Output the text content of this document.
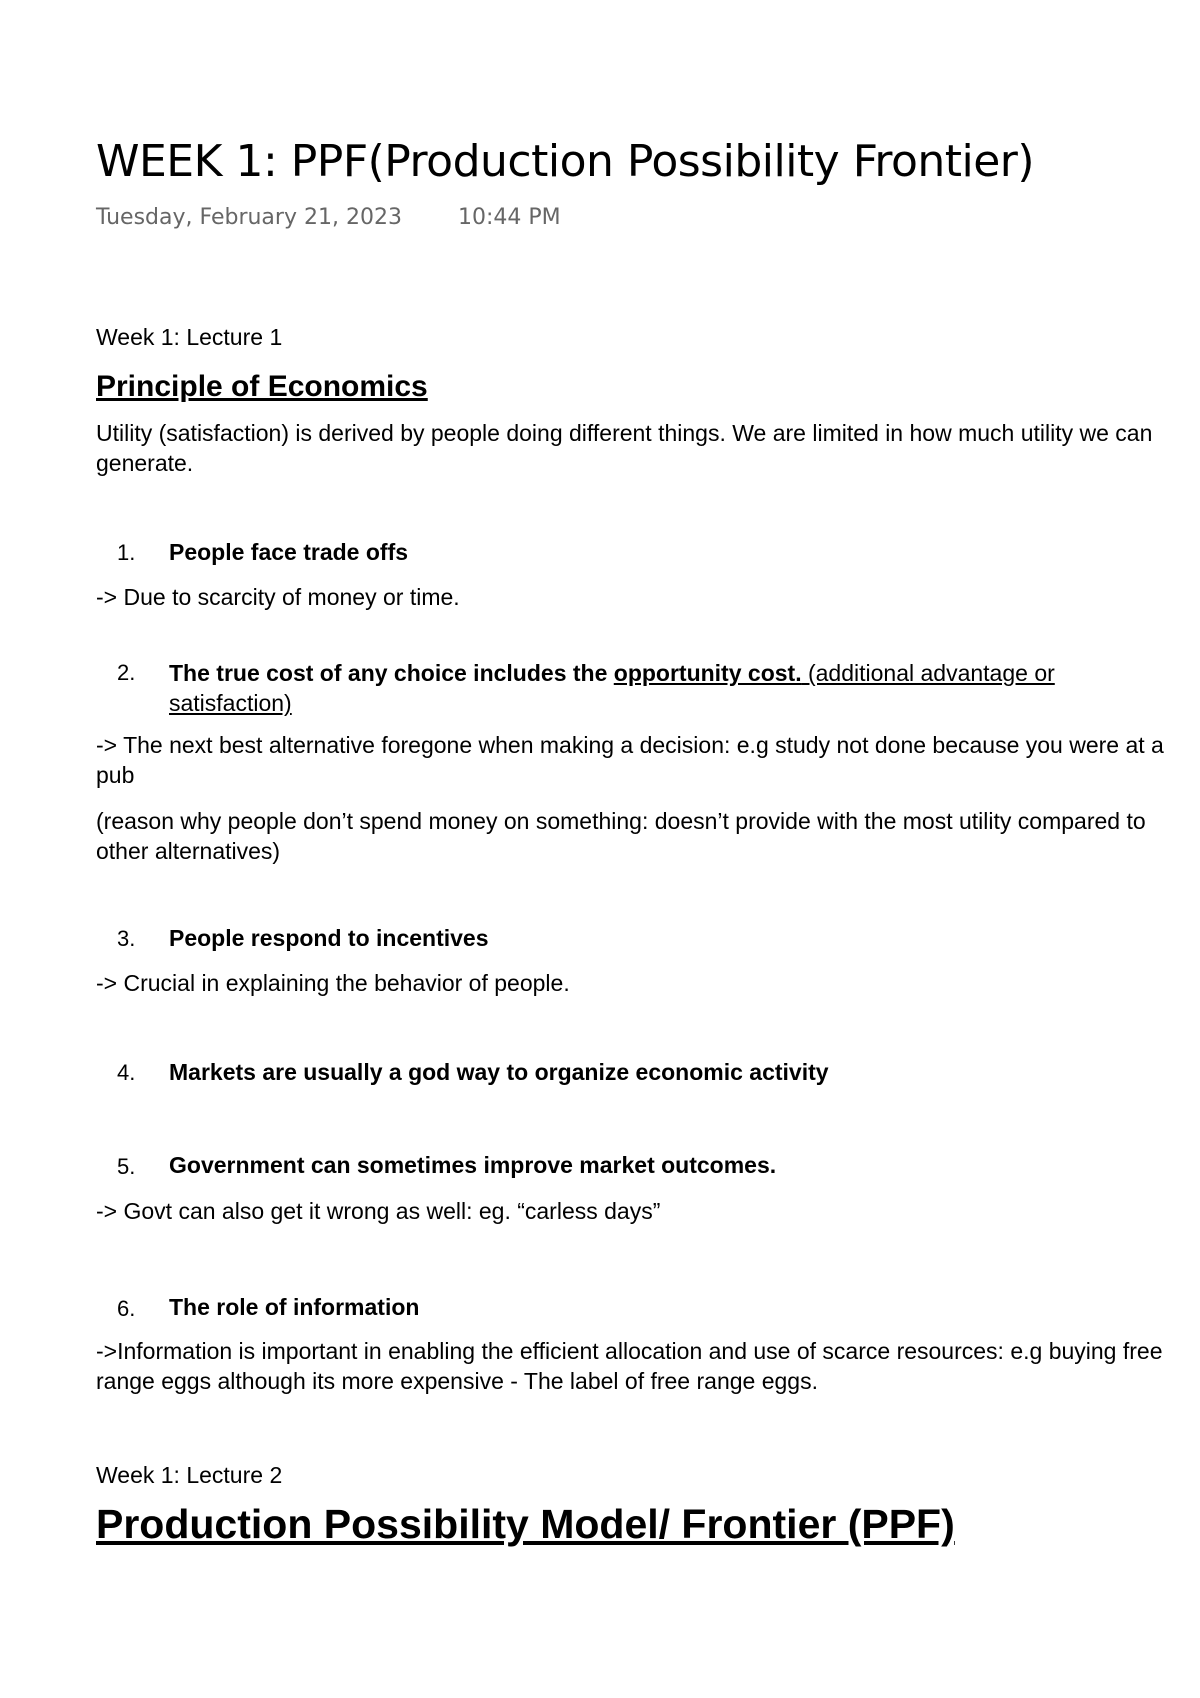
WEEK 1: PPF(Production Possibility Frontier)
Tuesday, February 21, 2023	10:44 PM
Week 1: Lecture 1
Principle of Economics
Utility (satisfaction) is derived by people doing different things. We are limited in how much utility we can generate.
1. People face trade offs
-> Due to scarcity of money or time.
2. The true cost of any choice includes the opportunity cost. (additional advantage or satisfaction)
-> The next best alternative foregone when making a decision: e.g study not done because you were at a pub
(reason why people don’t spend money on something: doesn’t provide with the most utility compared to other alternatives)
3. People respond to incentives
-> Crucial in explaining the behavior of people.
4. Markets are usually a god way to organize economic activity
5. Government can sometimes improve market outcomes.
-> Govt can also get it wrong as well: eg. “carless days”
6. The role of information
->Information is important in enabling the efficient allocation and use of scarce resources: e.g buying free range eggs although its more expensive - The label of free range eggs.
Week 1: Lecture 2
Production Possibility Model/ Frontier (PPF)
